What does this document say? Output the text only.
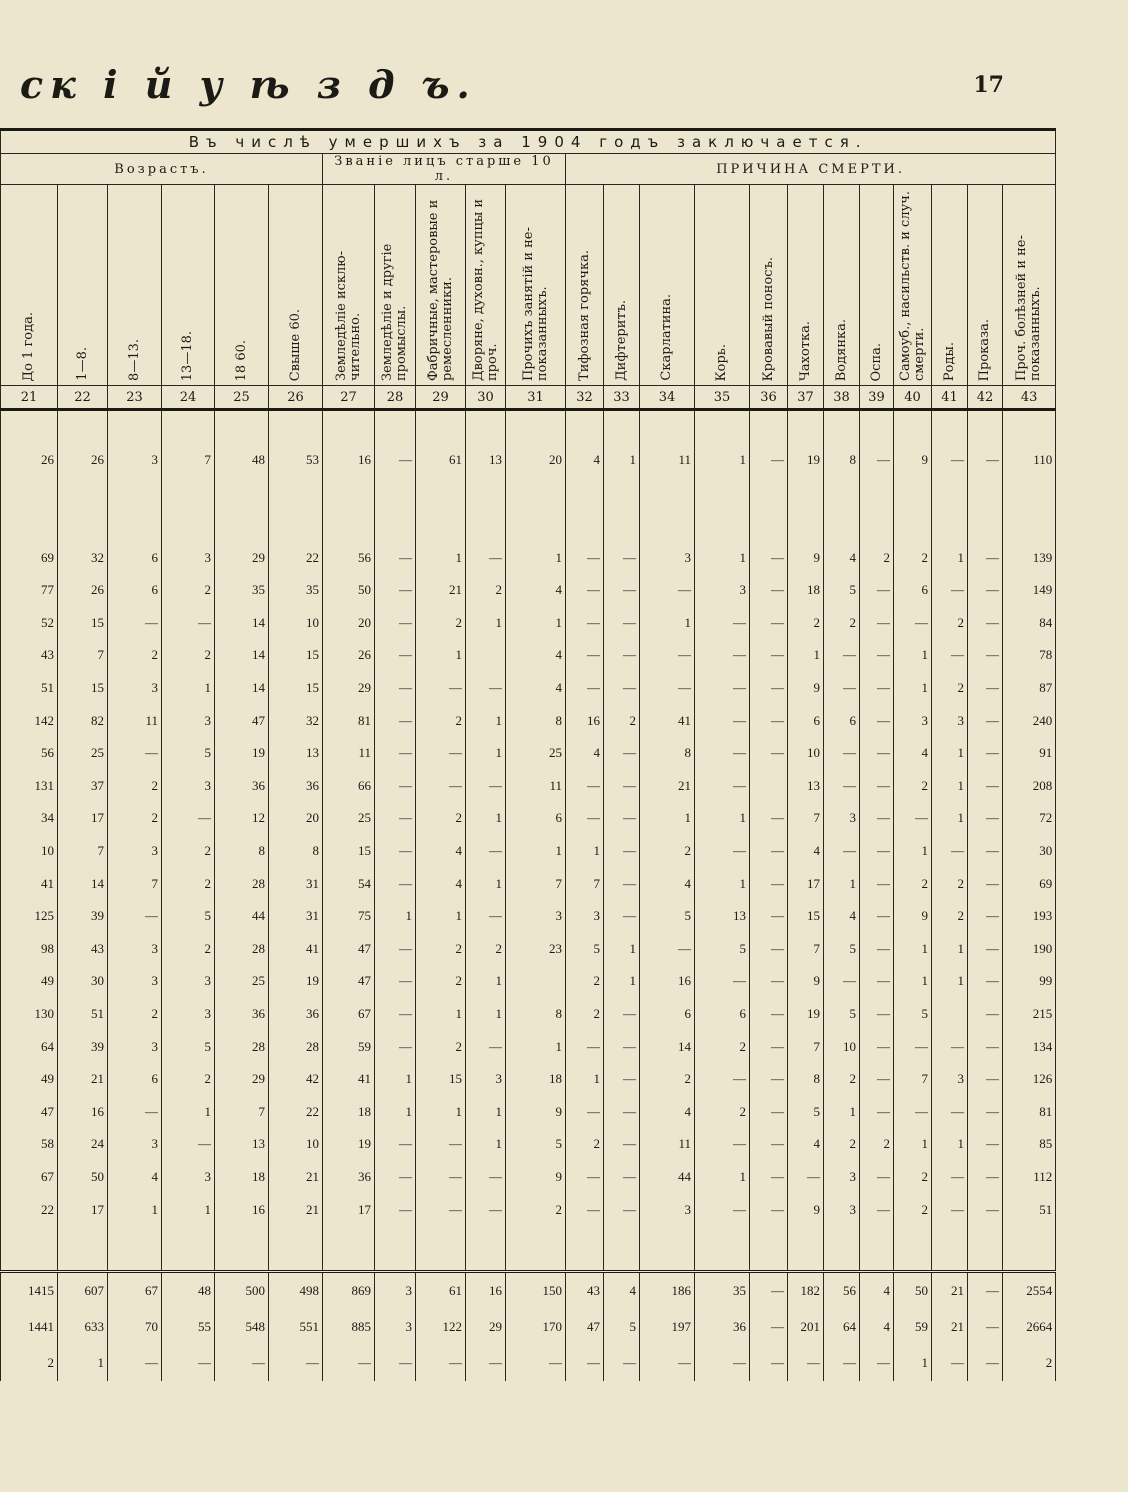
ск і й у ѣ з д ъ.	17
Въ числѣ умершихъ за 1904 годъ заключается.																						
Возрастъ.						Званіе лицъ старше 10 л.					ПРИЧИНА СМЕРТИ.											
До 1 года.	1—8.	8—13.	13—18.	18 60.	Свыше 60.	Земледѣліе исклю-чительно.	Земледѣліе и другіе промыслы.	Фабричные, мастеровые и ремесленники.	Дворяне, духовн., купцы и проч.	Прочихъ занятій и не-показанныхъ.	Тифозная горячка.	Дифтеритъ.	Скарлатина.	Корь.	Кровавый поносъ.	Чахотка.	Водянка.	Оспа.	Самоуб., насильств. и случ. смерти.	Роды.	Проказа.	Проч. болѣзней и не-показанныхъ.
21	22	23	24	25	26	27	28	29	30	31	32	33	34	35	36	37	38	39	40	41	42	43

26	26	3	7	48	53	16	—	61	13	20	4	1	11	1	—	19	8	—	9	—	—	110

69	32	6	3	29	22	56	—	1	—	1	—	—	3	1	—	9	4	2	2	1	—	139
77	26	6	2	35	35	50	—	21	2	4	—	—	—	3	—	18	5	—	6	—	—	149
52	15	—	—	14	10	20	—	2	1	1	—	—	1	—	—	2	2	—	—	2	—	84
43	7	2	2	14	15	26	—	1		4	—	—	—	—	—	1	—	—	1	—	—	78
51	15	3	1	14	15	29	—	—	—	4	—	—	—	—	—	9	—	—	1	2	—	87
142	82	11	3	47	32	81	—	2	1	8	16	2	41	—	—	6	6	—	3	3	—	240
56	25	—	5	19	13	11	—	—	1	25	4	—	8	—	—	10	—	—	4	1	—	91
131	37	2	3	36	36	66	—	—	—	11	—	—	21	—		13	—	—	2	1	—	208
34	17	2	—	12	20	25	—	2	1	6	—	—	1	1	—	7	3	—	—	1	—	72
10	7	3	2	8	8	15	—	4	—	1	1	—	2	—	—	4	—	—	1	—	—	30
41	14	7	2	28	31	54	—	4	1	7	7	—	4	1	—	17	1	—	2	2	—	69
125	39	—	5	44	31	75	1	1	—	3	3	—	5	13	—	15	4	—	9	2	—	193
98	43	3	2	28	41	47	—	2	2	23	5	1	—	5	—	7	5	—	1	1	—	190
49	30	3	3	25	19	47	—	2	1		2	1	16	—	—	9	—	—	1	1	—	99
130	51	2	3	36	36	67	—	1	1	8	2	—	6	6	—	19	5	—	5		—	215
64	39	3	5	28	28	59	—	2	—	1	—	—	14	2	—	7	10	—	—	—	—	134
49	21	6	2	29	42	41	1	15	3	18	1	—	2	—	—	8	2	—	7	3	—	126
47	16	—	1	7	22	18	1	1	1	9	—	—	4	2	—	5	1	—	—	—	—	81
58	24	3	—	13	10	19	—	—	1	5	2	—	11	—	—	4	2	2	1	1	—	85
67	50	4	3	18	21	36	—	—	—	9	—	—	44	1	—	—	3	—	2	—	—	112
22	17	1	1	16	21	17	—	—	—	2	—	—	3	—	—	9	3	—	2	—	—	51

1415	607	67	48	500	498	869	3	61	16	150	43	4	186	35	—	182	56	4	50	21	—	2554
1441	633	70	55	548	551	885	3	122	29	170	47	5	197	36	—	201	64	4	59	21	—	2664
2	1	—	—	—	—	—	—	—	—	—	—	—	—	—	—	—	—	—	1	—	—	2
